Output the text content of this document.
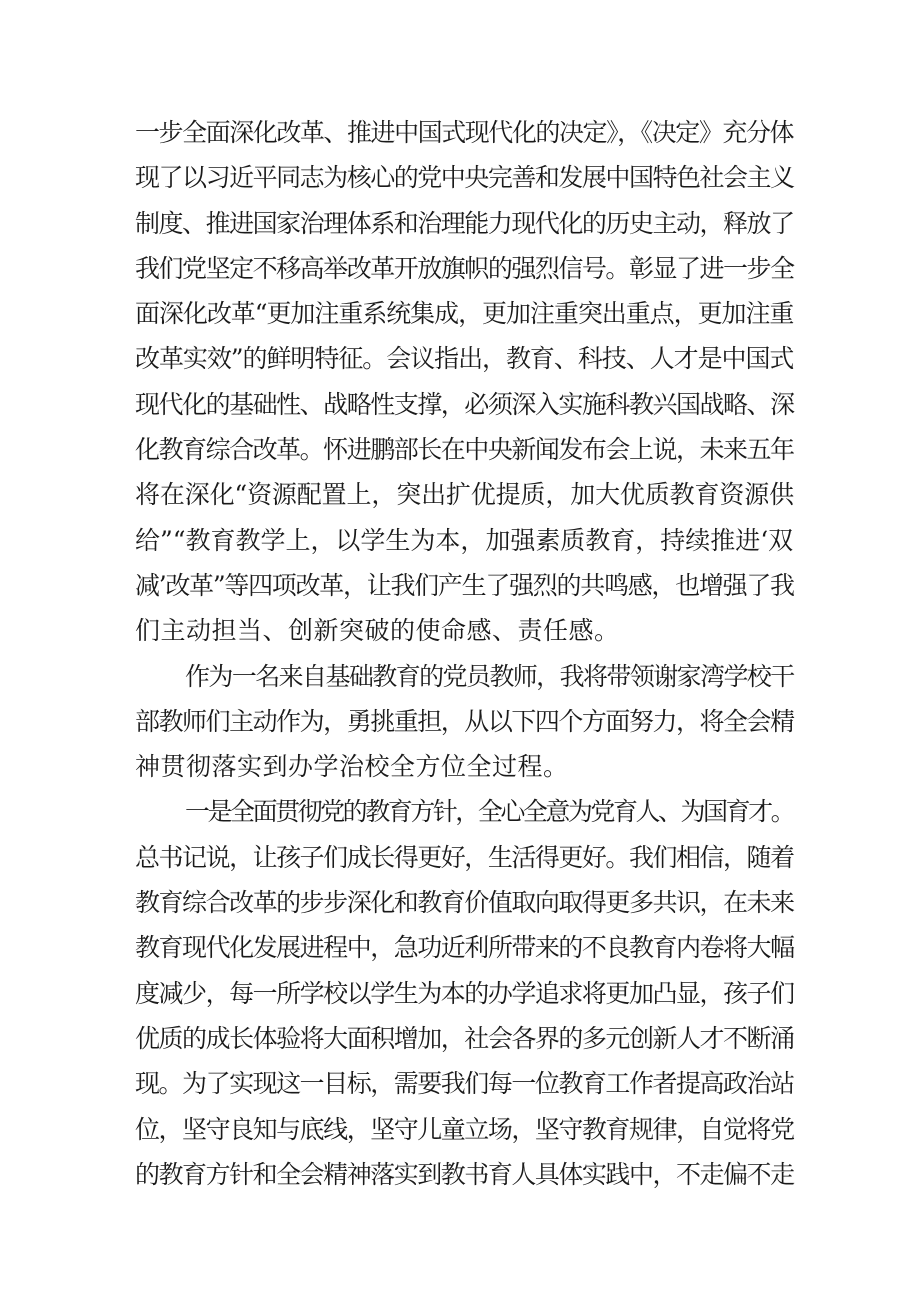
一步全面深化改革、推进中国式现代化的决定》，《决定》充分体
现了以习近平同志为核心的党中央完善和发展中国特色社会主义
制度、推进国家治理体系和治理能力现代化的历史主动，释放了
我们党坚定不移高举改革开放旗帜的强烈信号。彰显了进一步全
面深化改革“更加注重系统集成，更加注重突出重点，更加注重
改革实效”的鲜明特征。会议指出，教育、科技、人才是中国式
现代化的基础性、战略性支撑，必须深入实施科教兴国战略、深
化教育综合改革。怀进鹏部长在中央新闻发布会上说，未来五年
将在深化“资源配置上，突出扩优提质，加大优质教育资源供
给”“教育教学上，以学生为本，加强素质教育，持续推进‘双
减’改革”等四项改革，让我们产生了强烈的共鸣感，也增强了我
们主动担当、创新突破的使命感、责任感。
作为一名来自基础教育的党员教师，我将带领谢家湾学校干
部教师们主动作为，勇挑重担，从以下四个方面努力，将全会精
神贯彻落实到办学治校全方位全过程。
一是全面贯彻党的教育方针，全心全意为党育人、为国育才。
总书记说，让孩子们成长得更好，生活得更好。我们相信，随着
教育综合改革的步步深化和教育价值取向取得更多共识，在未来
教育现代化发展进程中，急功近利所带来的不良教育内卷将大幅
度减少，每一所学校以学生为本的办学追求将更加凸显，孩子们
优质的成长体验将大面积增加，社会各界的多元创新人才不断涌
现。为了实现这一目标，需要我们每一位教育工作者提高政治站
位，坚守良知与底线，坚守儿童立场，坚守教育规律，自觉将党
的教育方针和全会精神落实到教书育人具体实践中，不走偏不走
